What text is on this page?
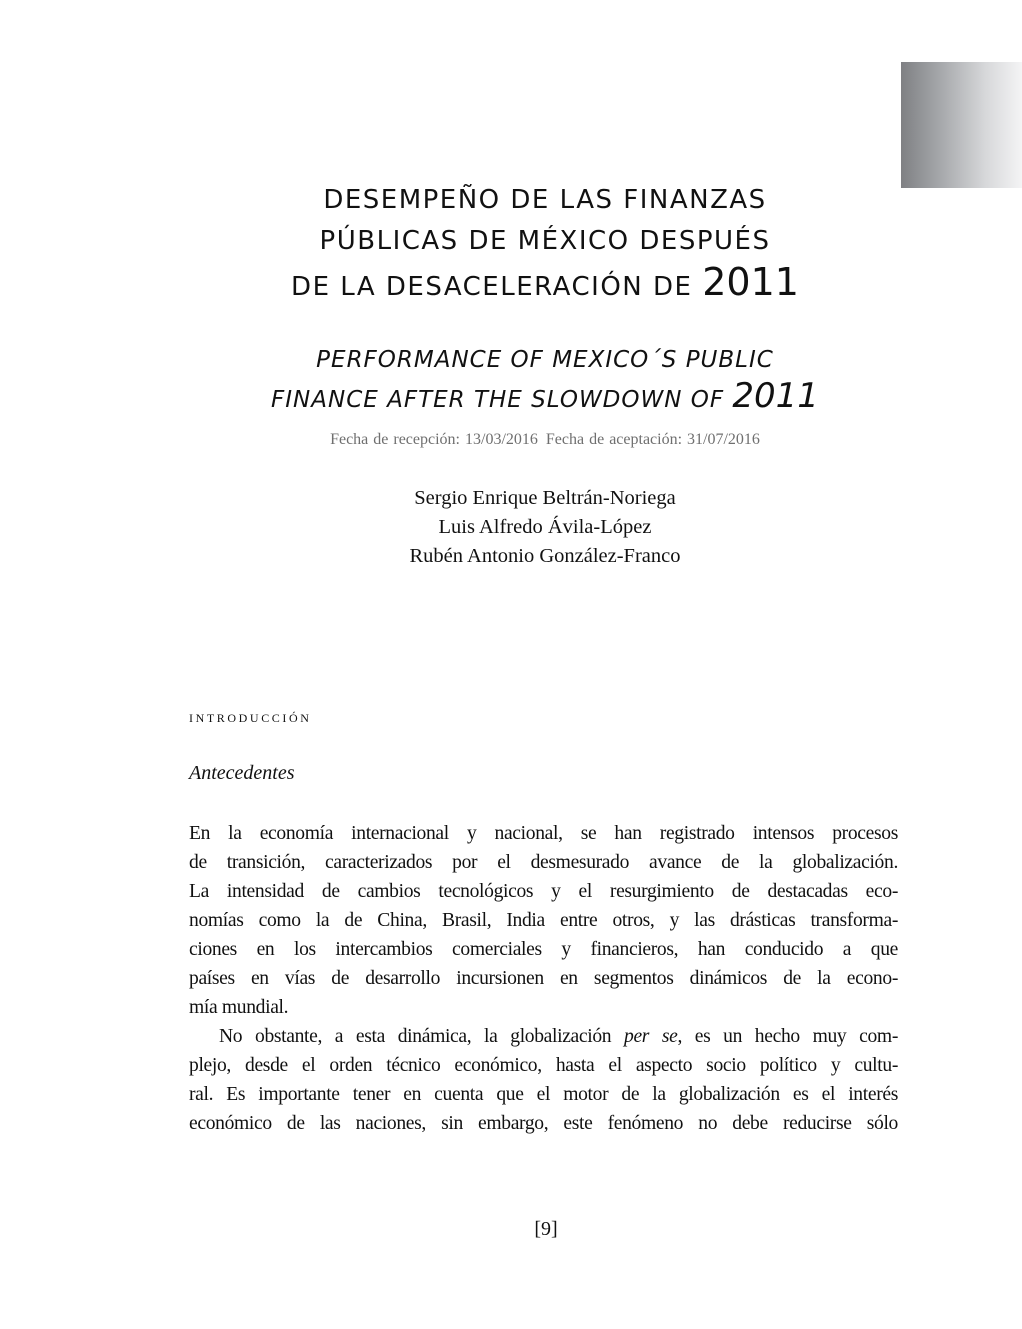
DESEMPEÑO DE LAS FINANZAS
PÚBLICAS DE MÉXICO DESPUÉS
DE LA DESACELERACIÓN DE 2011
PERFORMANCE OF MEXICO´S PUBLIC
FINANCE AFTER THE SLOWDOWN OF 2011
Fecha de recepción: 13/03/2016 Fecha de aceptación: 31/07/2016
Sergio Enrique Beltrán-Noriega
Luis Alfredo Ávila-López
Rubén Antonio González-Franco
introducción
Antecedentes
En la economía internacional y nacional, se han registrado intensos procesos
de transición, caracterizados por el desmesurado avance de la globalización.
La intensidad de cambios tecnológicos y el resurgimiento de destacadas eco-
nomías como la de China, Brasil, India entre otros, y las drásticas transforma-
ciones en los intercambios comerciales y financieros, han conducido a que
países en vías de desarrollo incursionen en segmentos dinámicos de la econo-
mía mundial.
No obstante, a esta dinámica, la globalización per se, es un hecho muy com-
plejo, desde el orden técnico económico, hasta el aspecto socio político y cultu-
ral. Es importante tener en cuenta que el motor de la globalización es el interés
económico de las naciones, sin embargo, este fenómeno no debe reducirse sólo
[9]
